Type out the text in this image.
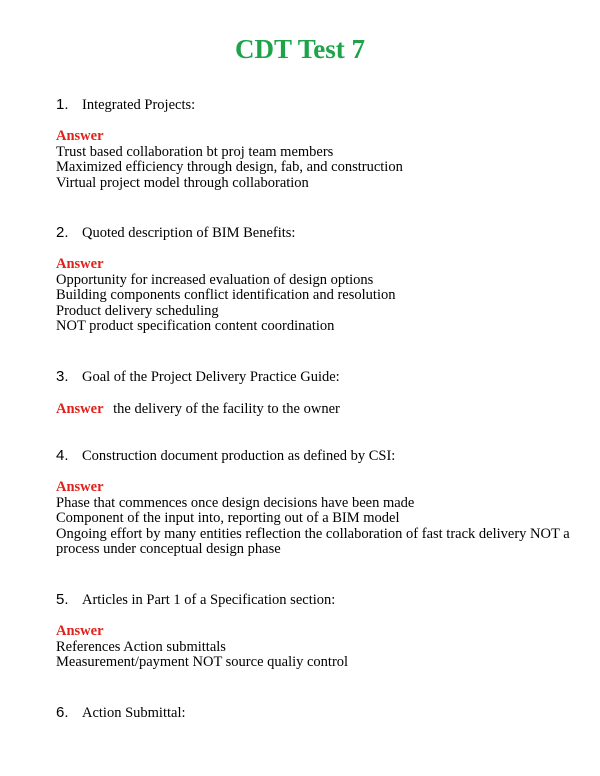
CDT Test 7
1. Integrated Projects:
Answer
Trust based collaboration bt proj team members
Maximized efficiency through design, fab, and construction
Virtual project model through collaboration
2. Quoted description of BIM Benefits:
Answer
Opportunity for increased evaluation of design options
Building components conflict identification and resolution
Product delivery scheduling
NOT product specification content coordination
3. Goal of the Project Delivery Practice Guide:
Answer the delivery of the facility to the owner
4. Construction document production as defined by CSI:
Answer
Phase that commences once design decisions have been made
Component of the input into, reporting out of a BIM model
Ongoing effort by many entities reflection the collaboration of fast track delivery NOT a
process under conceptual design phase
5. Articles in Part 1 of a Specification section:
Answer
References Action submittals
Measurement/payment NOT source qualiy control
6. Action Submittal:
